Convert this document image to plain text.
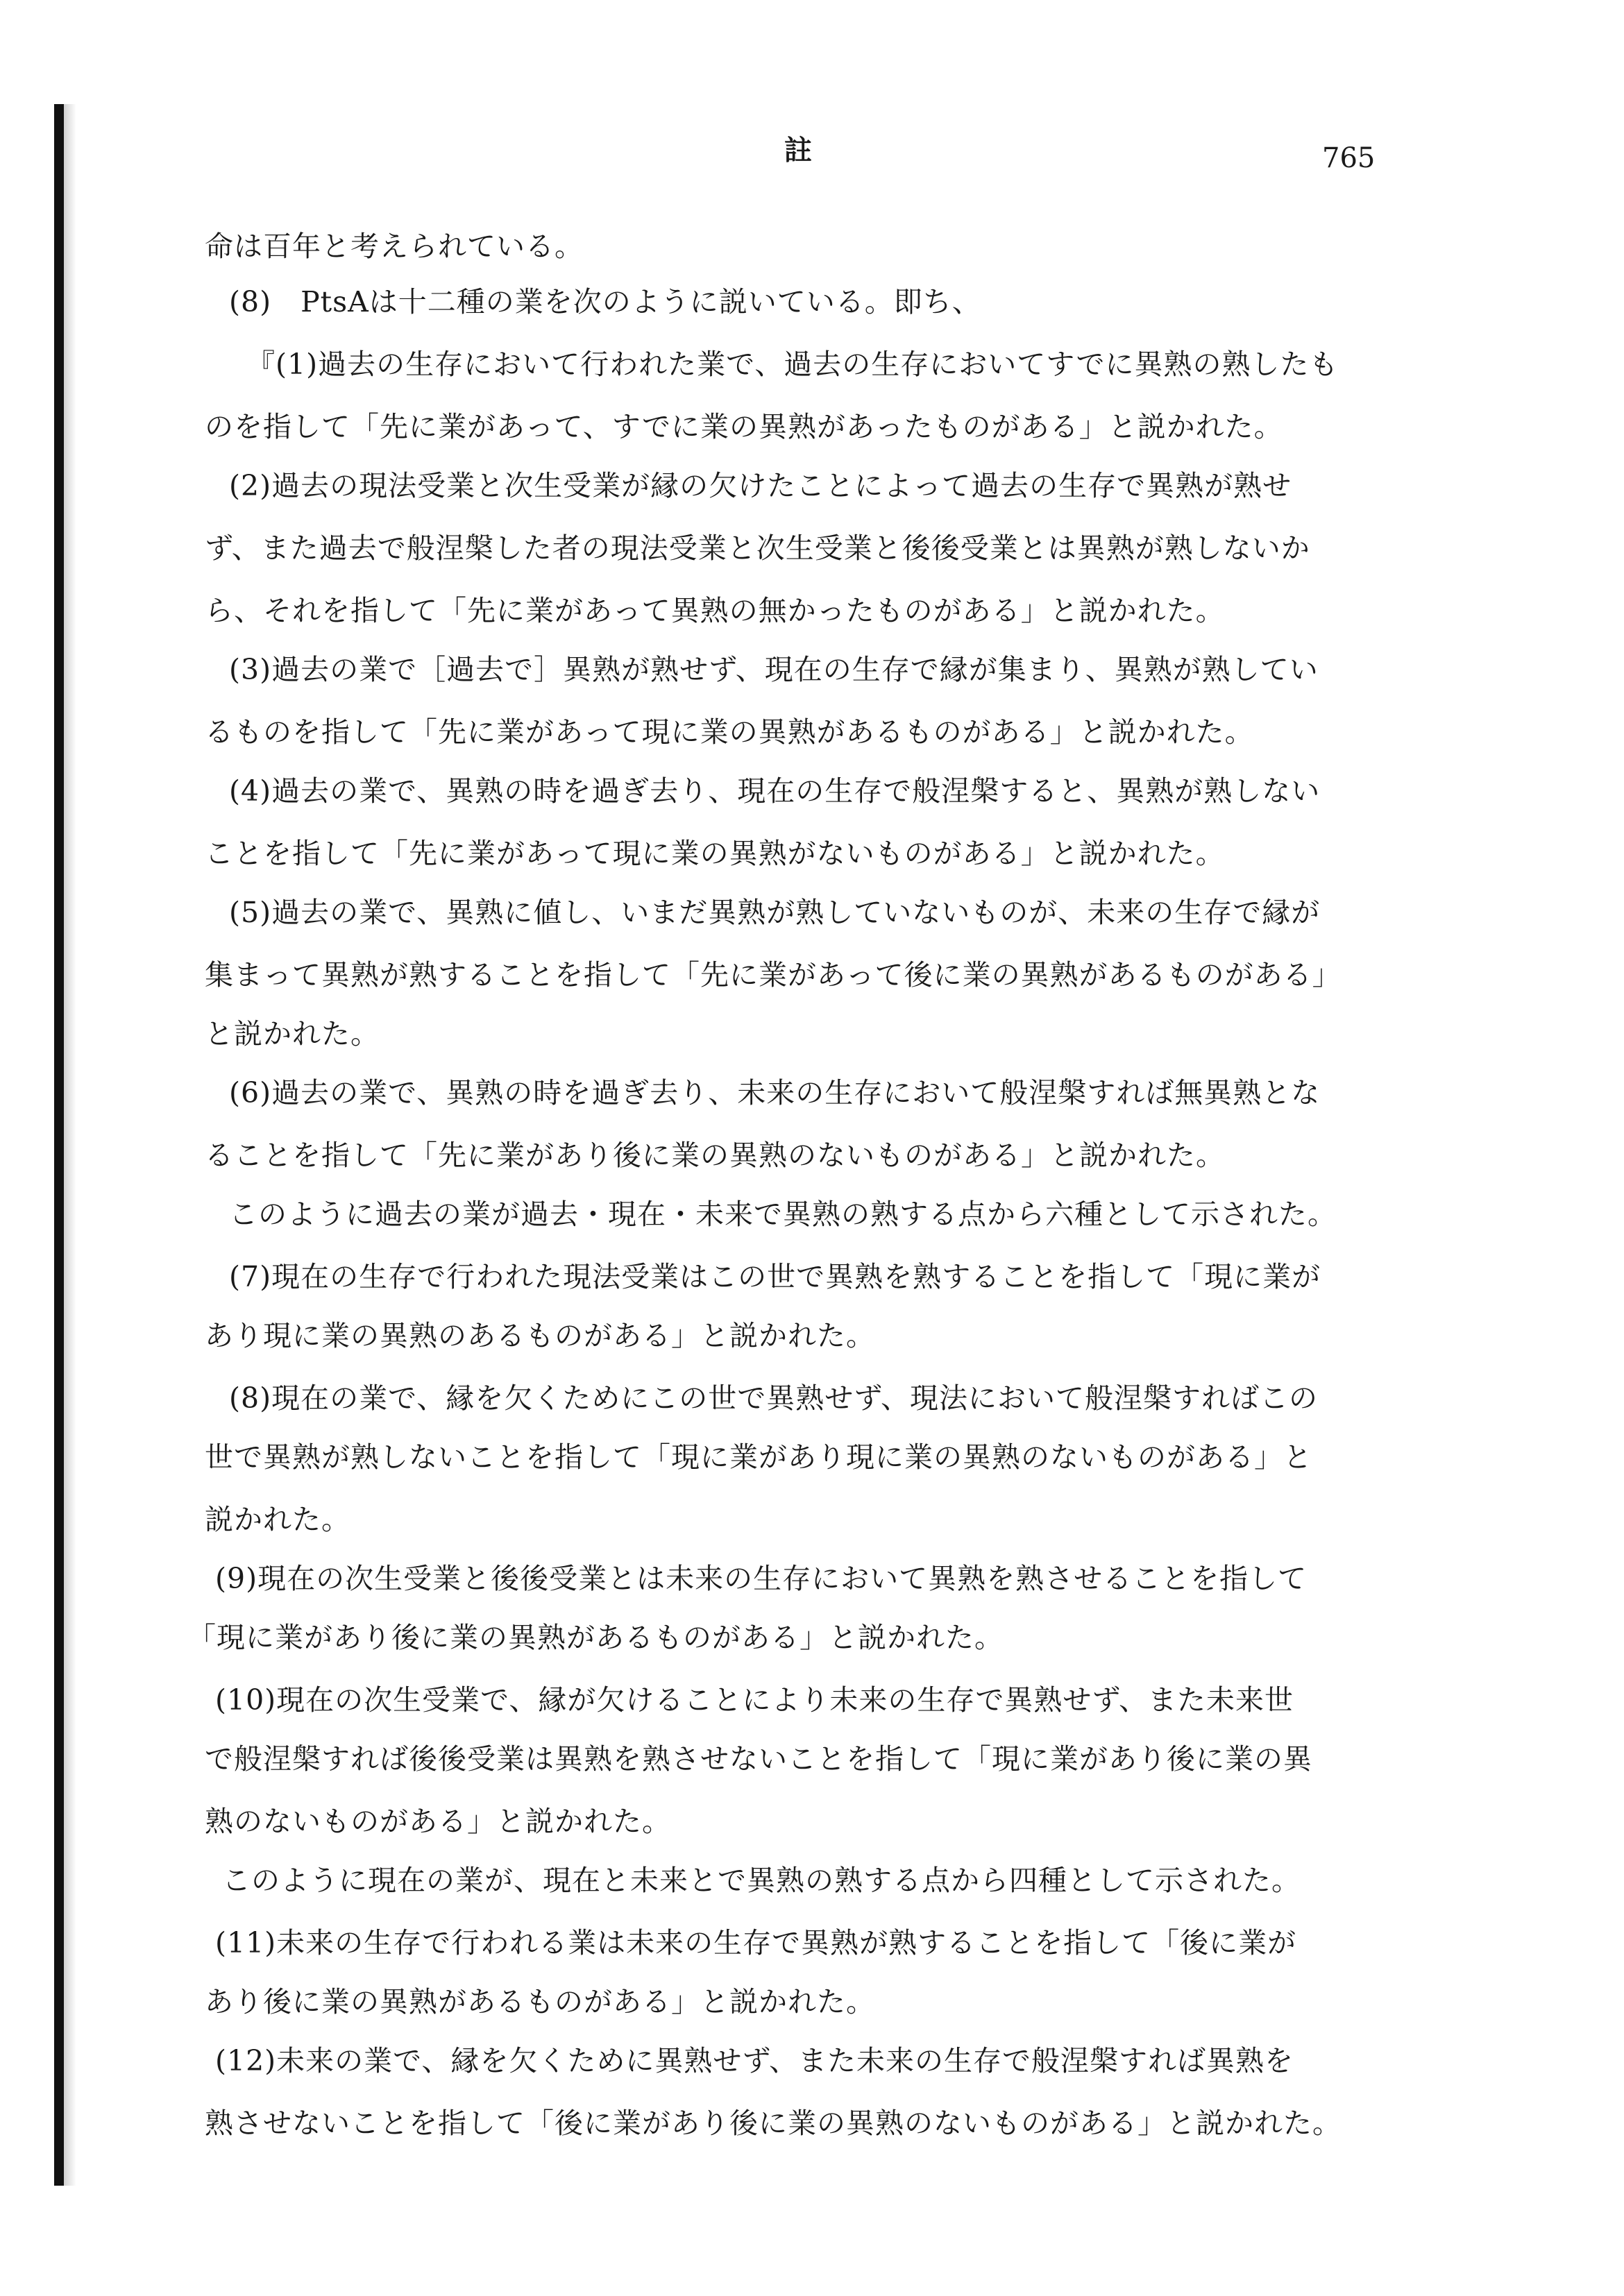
註	765

命は百年と考えられている。

(8)　PtsAは十二種の業を次のように説いている。即ち、

『(1)過去の生存において行われた業で、過去の生存においてすでに異熟の熟したも

のを指して「先に業があって、すでに業の異熟があったものがある」と説かれた。

(2)過去の現法受業と次生受業が縁の欠けたことによって過去の生存で異熟が熟せ

ず、また過去で般涅槃した者の現法受業と次生受業と後後受業とは異熟が熟しないか

ら、それを指して「先に業があって異熟の無かったものがある」と説かれた。

(3)過去の業で［過去で］異熟が熟せず、現在の生存で縁が集まり、異熟が熟してい

るものを指して「先に業があって現に業の異熟があるものがある」と説かれた。

(4)過去の業で、異熟の時を過ぎ去り、現在の生存で般涅槃すると、異熟が熟しない

ことを指して「先に業があって現に業の異熟がないものがある」と説かれた。

(5)過去の業で、異熟に値し、いまだ異熟が熟していないものが、未来の生存で縁が

集まって異熟が熟することを指して「先に業があって後に業の異熟があるものがある」

と説かれた。

(6)過去の業で、異熟の時を過ぎ去り、未来の生存において般涅槃すれば無異熟とな

ることを指して「先に業があり後に業の異熟のないものがある」と説かれた。

このように過去の業が過去・現在・未来で異熟の熟する点から六種として示された。

(7)現在の生存で行われた現法受業はこの世で異熟を熟することを指して「現に業が

あり現に業の異熟のあるものがある」と説かれた。

(8)現在の業で、縁を欠くためにこの世で異熟せず、現法において般涅槃すればこの

世で異熟が熟しないことを指して「現に業があり現に業の異熟のないものがある」と

説かれた。

(9)現在の次生受業と後後受業とは未来の生存において異熟を熟させることを指して

「現に業があり後に業の異熟があるものがある」と説かれた。

(10)現在の次生受業で、縁が欠けることにより未来の生存で異熟せず、また未来世

で般涅槃すれば後後受業は異熟を熟させないことを指して「現に業があり後に業の異

熟のないものがある」と説かれた。

このように現在の業が、現在と未来とで異熟の熟する点から四種として示された。

(11)未来の生存で行われる業は未来の生存で異熟が熟することを指して「後に業が

あり後に業の異熟があるものがある」と説かれた。

(12)未来の業で、縁を欠くために異熟せず、また未来の生存で般涅槃すれば異熟を

熟させないことを指して「後に業があり後に業の異熟のないものがある」と説かれた。
